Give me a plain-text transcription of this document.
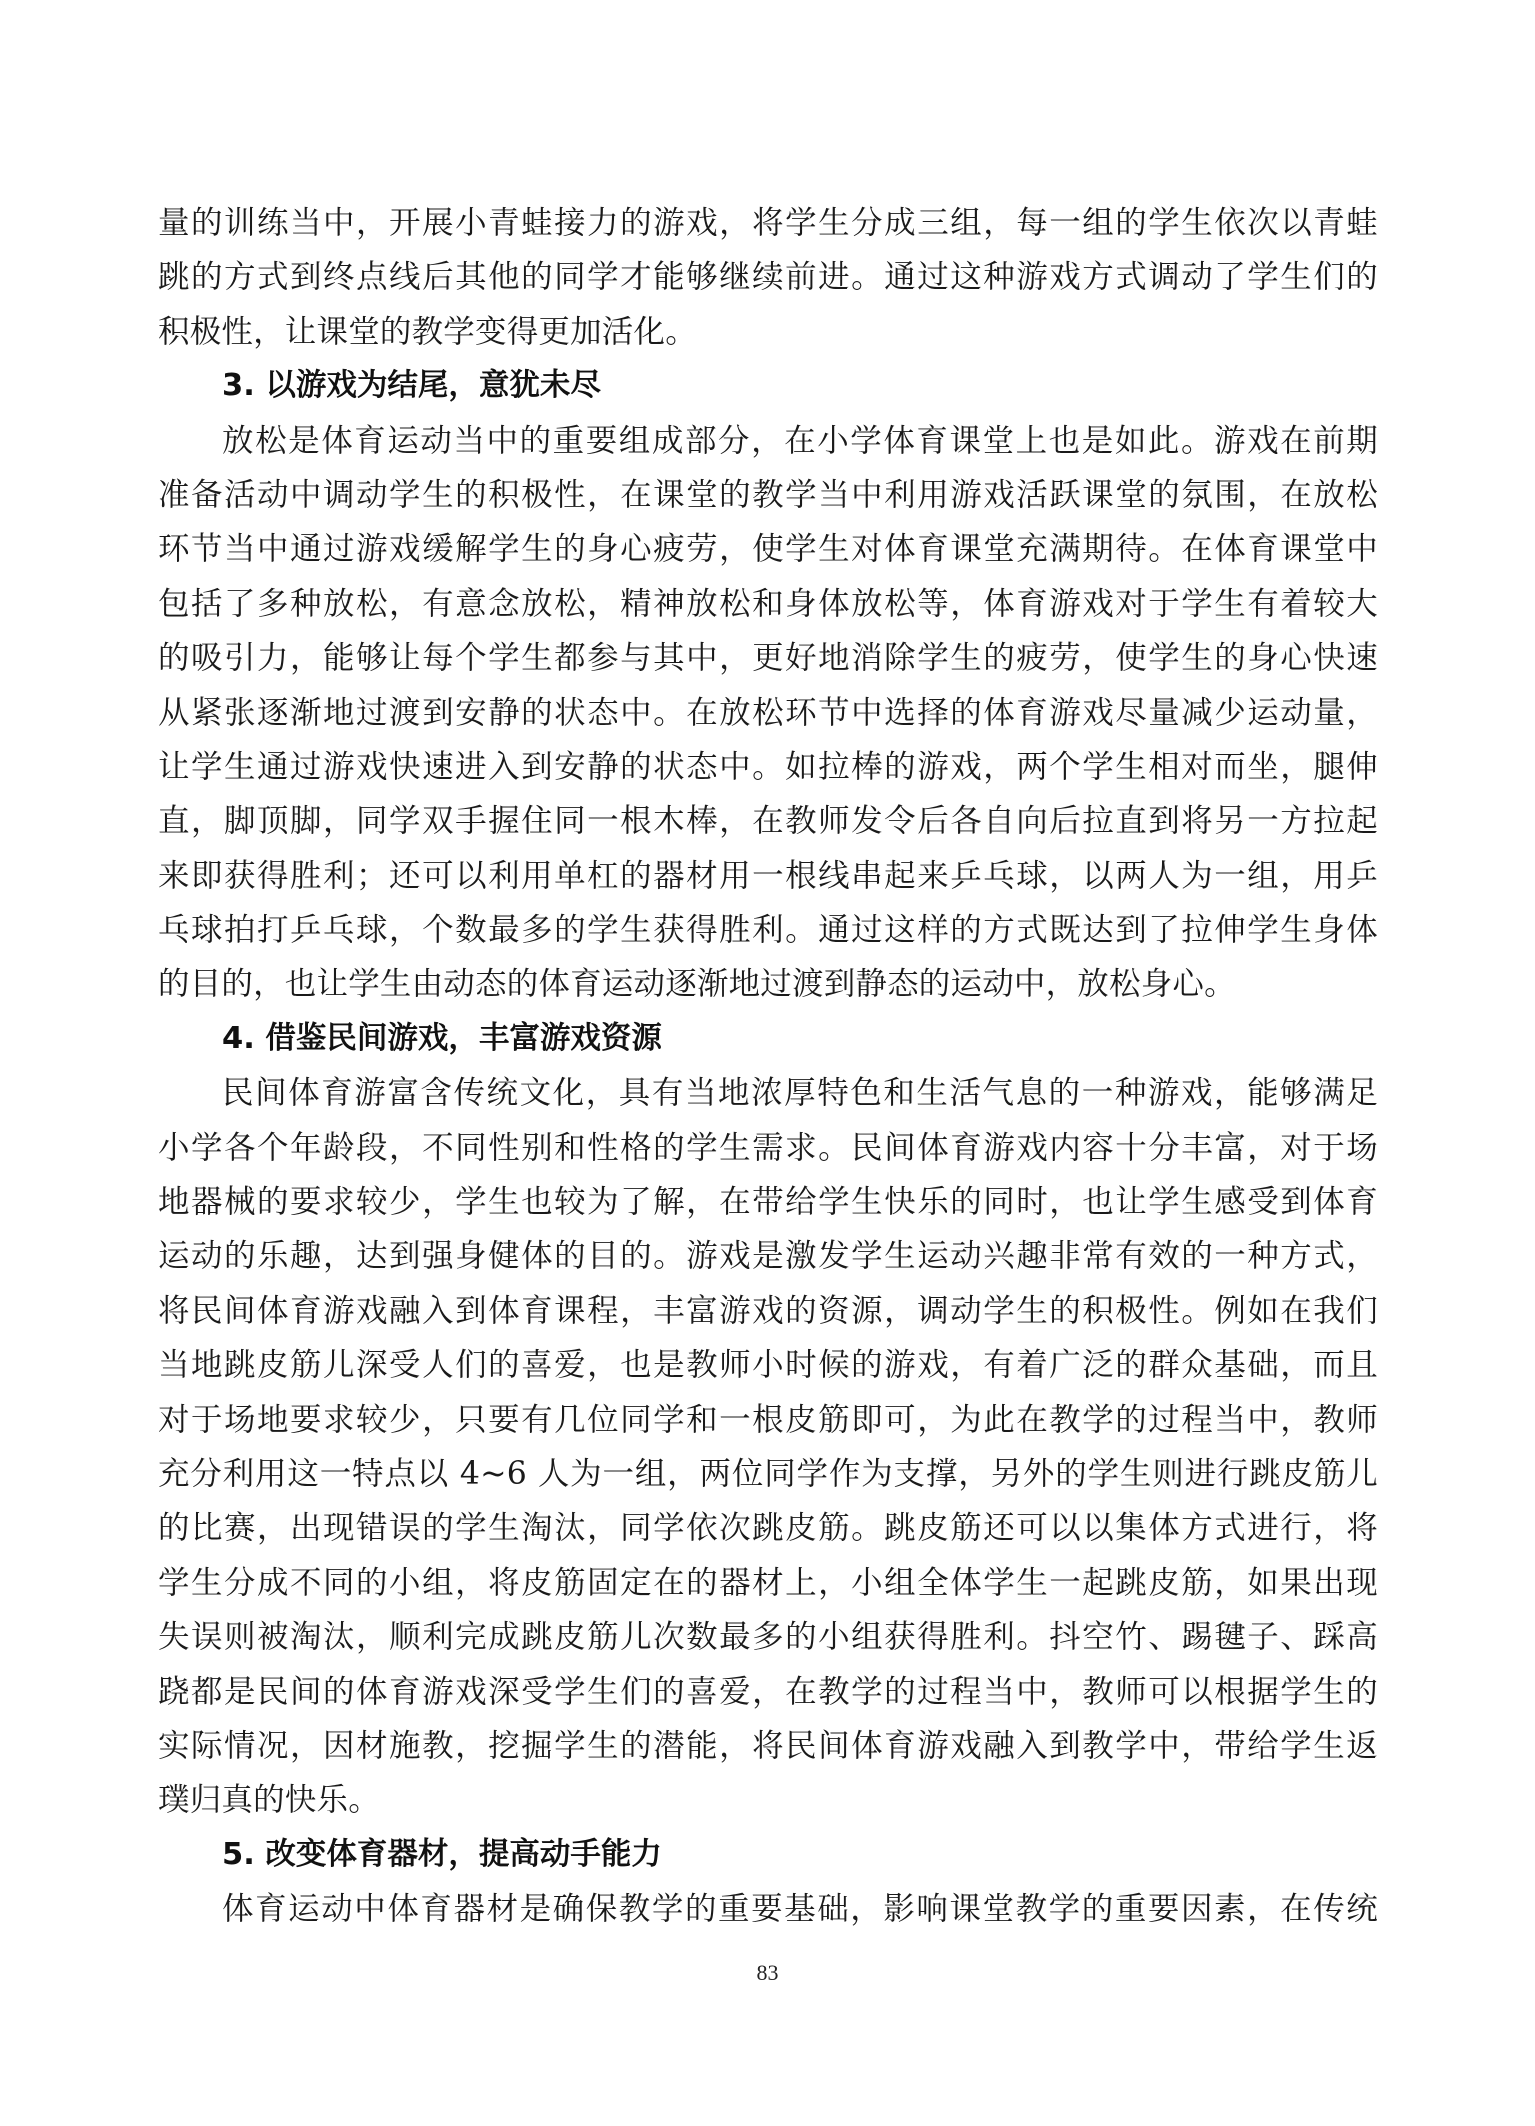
量的训练当中，开展小青蛙接力的游戏，将学生分成三组，每一组的学生依次以青蛙
跳的方式到终点线后其他的同学才能够继续前进。通过这种游戏方式调动了学生们的
积极性，让课堂的教学变得更加活化。
3. 以游戏为结尾，意犹未尽
放松是体育运动当中的重要组成部分，在小学体育课堂上也是如此。游戏在前期
准备活动中调动学生的积极性，在课堂的教学当中利用游戏活跃课堂的氛围，在放松
环节当中通过游戏缓解学生的身心疲劳，使学生对体育课堂充满期待。在体育课堂中
包括了多种放松，有意念放松，精神放松和身体放松等，体育游戏对于学生有着较大
的吸引力，能够让每个学生都参与其中，更好地消除学生的疲劳，使学生的身心快速
从紧张逐渐地过渡到安静的状态中。在放松环节中选择的体育游戏尽量减少运动量，
让学生通过游戏快速进入到安静的状态中。如拉棒的游戏，两个学生相对而坐，腿伸
直，脚顶脚，同学双手握住同一根木棒，在教师发令后各自向后拉直到将另一方拉起
来即获得胜利；还可以利用单杠的器材用一根线串起来乒乓球，以两人为一组，用乒
乓球拍打乒乓球，个数最多的学生获得胜利。通过这样的方式既达到了拉伸学生身体
的目的，也让学生由动态的体育运动逐渐地过渡到静态的运动中，放松身心。
4. 借鉴民间游戏，丰富游戏资源
民间体育游富含传统文化，具有当地浓厚特色和生活气息的一种游戏，能够满足
小学各个年龄段，不同性别和性格的学生需求。民间体育游戏内容十分丰富，对于场
地器械的要求较少，学生也较为了解，在带给学生快乐的同时，也让学生感受到体育
运动的乐趣，达到强身健体的目的。游戏是激发学生运动兴趣非常有效的一种方式，
将民间体育游戏融入到体育课程，丰富游戏的资源，调动学生的积极性。例如在我们
当地跳皮筋儿深受人们的喜爱，也是教师小时候的游戏，有着广泛的群众基础，而且
对于场地要求较少，只要有几位同学和一根皮筋即可，为此在教学的过程当中，教师
充分利用这一特点以 4~6 人为一组，两位同学作为支撑，另外的学生则进行跳皮筋儿
的比赛，出现错误的学生淘汰，同学依次跳皮筋。跳皮筋还可以以集体方式进行，将
学生分成不同的小组，将皮筋固定在的器材上，小组全体学生一起跳皮筋，如果出现
失误则被淘汰，顺利完成跳皮筋儿次数最多的小组获得胜利。抖空竹、踢毽子、踩高
跷都是民间的体育游戏深受学生们的喜爱，在教学的过程当中，教师可以根据学生的
实际情况，因材施教，挖掘学生的潜能，将民间体育游戏融入到教学中，带给学生返
璞归真的快乐。
5. 改变体育器材，提高动手能力
体育运动中体育器材是确保教学的重要基础，影响课堂教学的重要因素，在传统
83
